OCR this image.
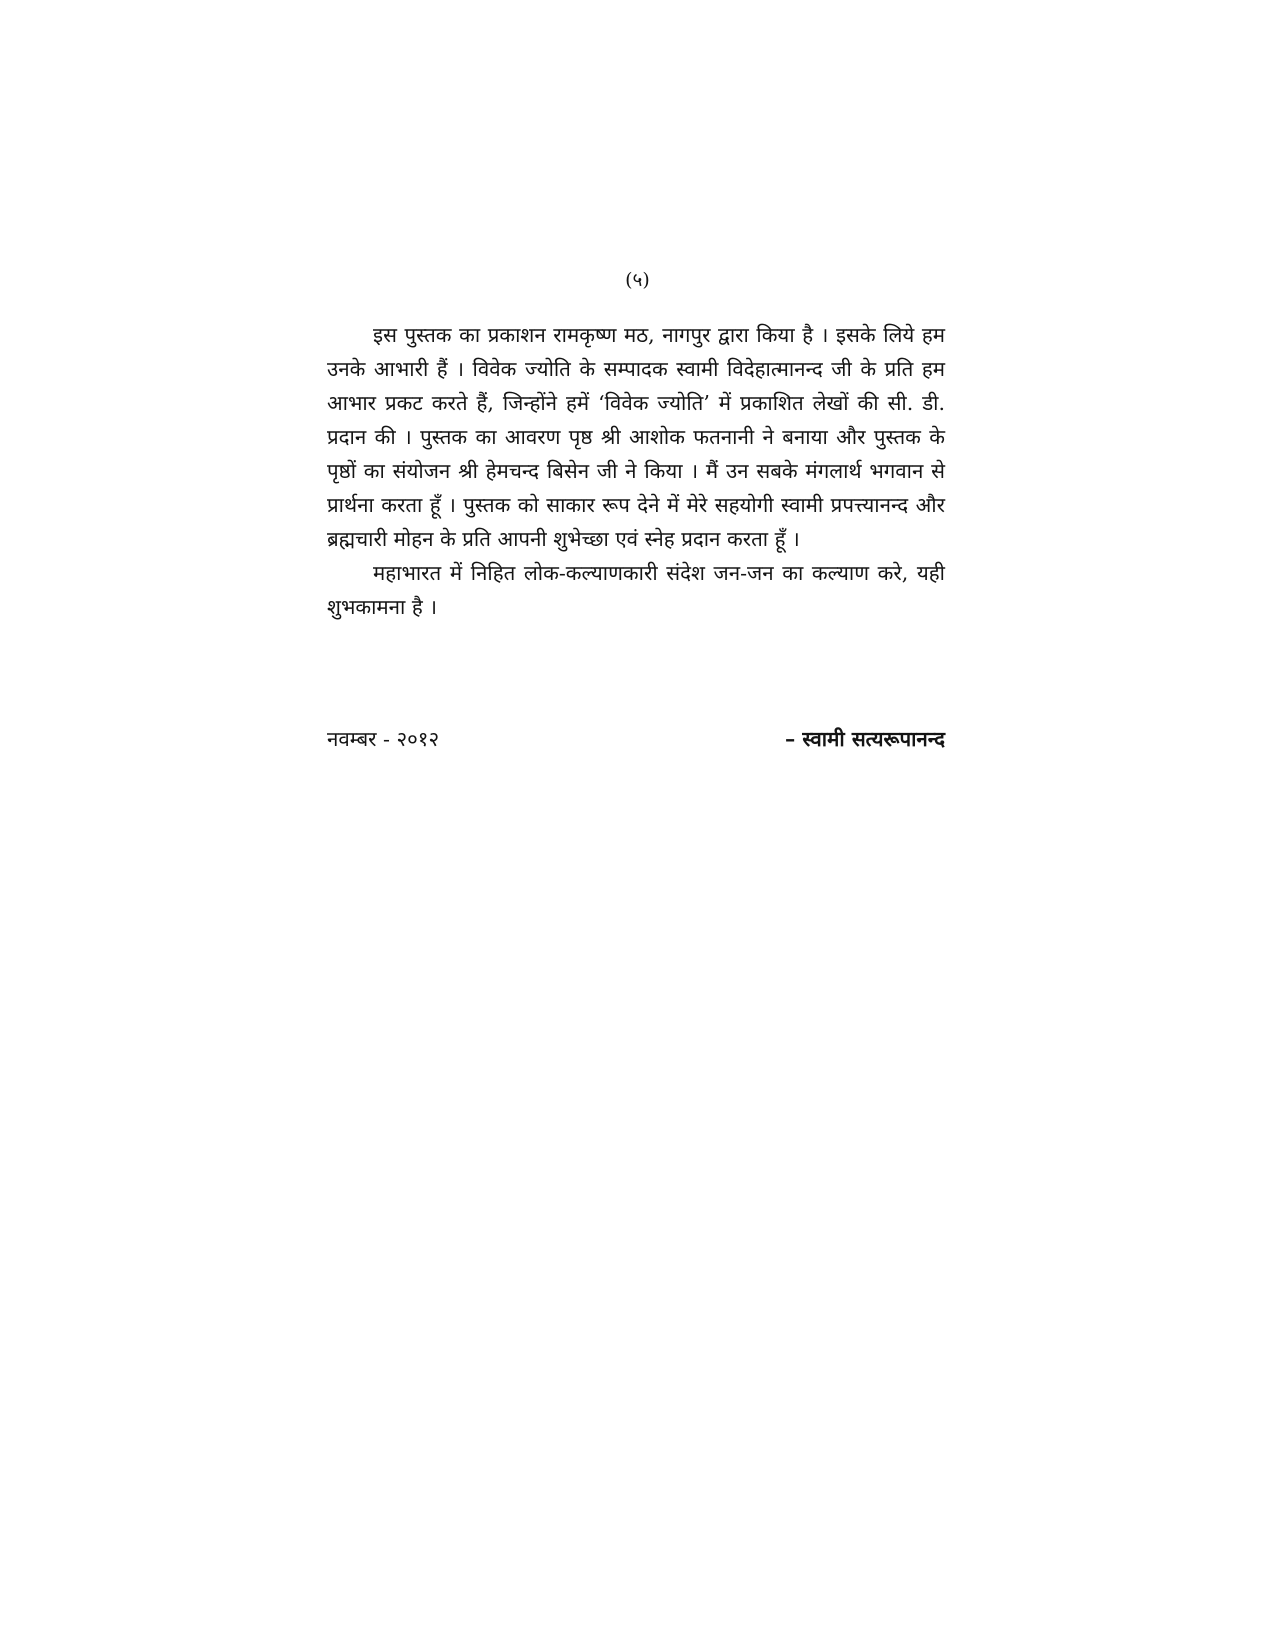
(५)

इस पुस्तक का प्रकाशन रामकृष्ण मठ, नागपुर द्वारा किया है । इसके लिये हम उनके आभारी हैं । विवेक ज्योति के सम्पादक स्वामी विदेहात्मानन्द जी के प्रति हम आभार प्रकट करते हैं, जिन्होंने हमें ‘विवेक ज्योति’ में प्रकाशित लेखों की सी. डी. प्रदान की । पुस्तक का आवरण पृष्ठ श्री आशोक फतनानी ने बनाया और पुस्तक के पृष्ठों का संयोजन श्री हेमचन्द बिसेन जी ने किया । मैं उन सबके मंगलार्थ भगवान से प्रार्थना करता हूँ । पुस्तक को साकार रूप देने में मेरे सहयोगी स्वामी प्रपत्त्यानन्द और ब्रह्मचारी मोहन के प्रति आपनी शुभेच्छा एवं स्नेह प्रदान करता हूँ ।

महाभारत में निहित लोक-कल्याणकारी संदेश जन-जन का कल्याण करे, यही शुभकामना है ।

नवम्बर - २०१२	– स्वामी सत्यरूपानन्द
